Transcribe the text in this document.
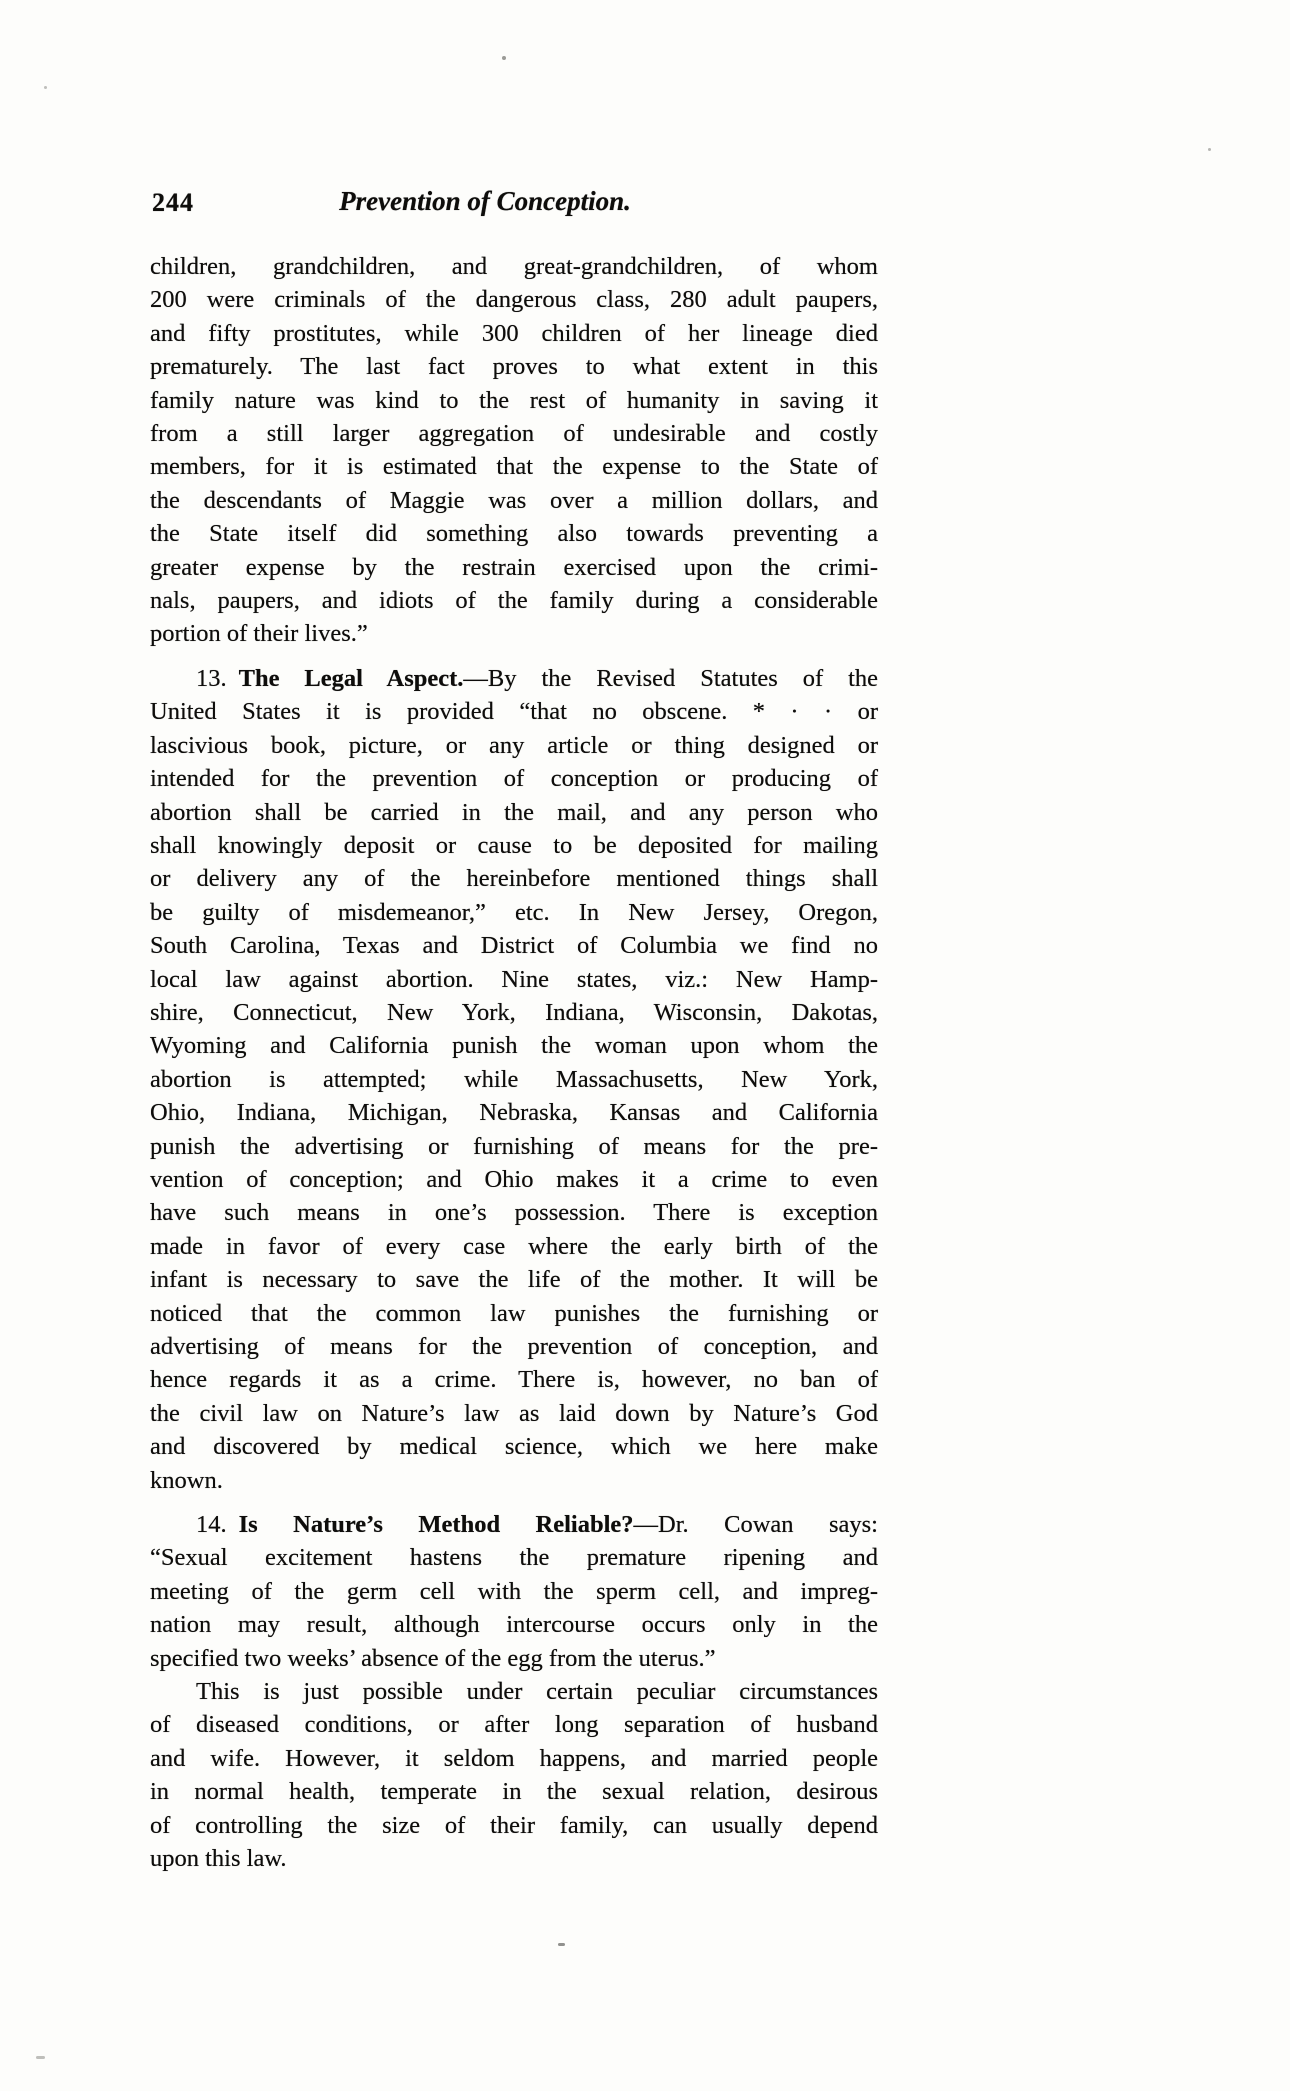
244	Prevention of Conception.
children, grandchildren, and great-grandchildren, of whom
200 were criminals of the dangerous class, 280 adult paupers,
and fifty prostitutes, while 300 children of her lineage died
prematurely. The last fact proves to what extent in this
family nature was kind to the rest of humanity in saving it
from a still larger aggregation of undesirable and costly
members, for it is estimated that the expense to the State of
the descendants of Maggie was over a million dollars, and
the State itself did something also towards preventing a
greater expense by the restrain exercised upon the crimi-
nals, paupers, and idiots of the family during a considerable
portion of their lives.”
13. The Legal Aspect.—By the Revised Statutes of the
United States it is provided “that no obscene. * · · or
lascivious book, picture, or any article or thing designed or
intended for the prevention of conception or producing of
abortion shall be carried in the mail, and any person who
shall knowingly deposit or cause to be deposited for mailing
or delivery any of the hereinbefore mentioned things shall
be guilty of misdemeanor,” etc. In New Jersey, Oregon,
South Carolina, Texas and District of Columbia we find no
local law against abortion. Nine states, viz.: New Hamp-
shire, Connecticut, New York, Indiana, Wisconsin, Dakotas,
Wyoming and California punish the woman upon whom the
abortion is attempted; while Massachusetts, New York,
Ohio, Indiana, Michigan, Nebraska, Kansas and California
punish the advertising or furnishing of means for the pre-
vention of conception; and Ohio makes it a crime to even
have such means in one’s possession. There is exception
made in favor of every case where the early birth of the
infant is necessary to save the life of the mother. It will be
noticed that the common law punishes the furnishing or
advertising of means for the prevention of conception, and
hence regards it as a crime. There is, however, no ban of
the civil law on Nature’s law as laid down by Nature’s God
and discovered by medical science, which we here make
known.
14. Is Nature’s Method Reliable?—Dr. Cowan says:
“Sexual excitement hastens the premature ripening and
meeting of the germ cell with the sperm cell, and impreg-
nation may result, although intercourse occurs only in the
specified two weeks’ absence of the egg from the uterus.”
This is just possible under certain peculiar circumstances
of diseased conditions, or after long separation of husband
and wife. However, it seldom happens, and married people
in normal health, temperate in the sexual relation, desirous
of controlling the size of their family, can usually depend
upon this law.
